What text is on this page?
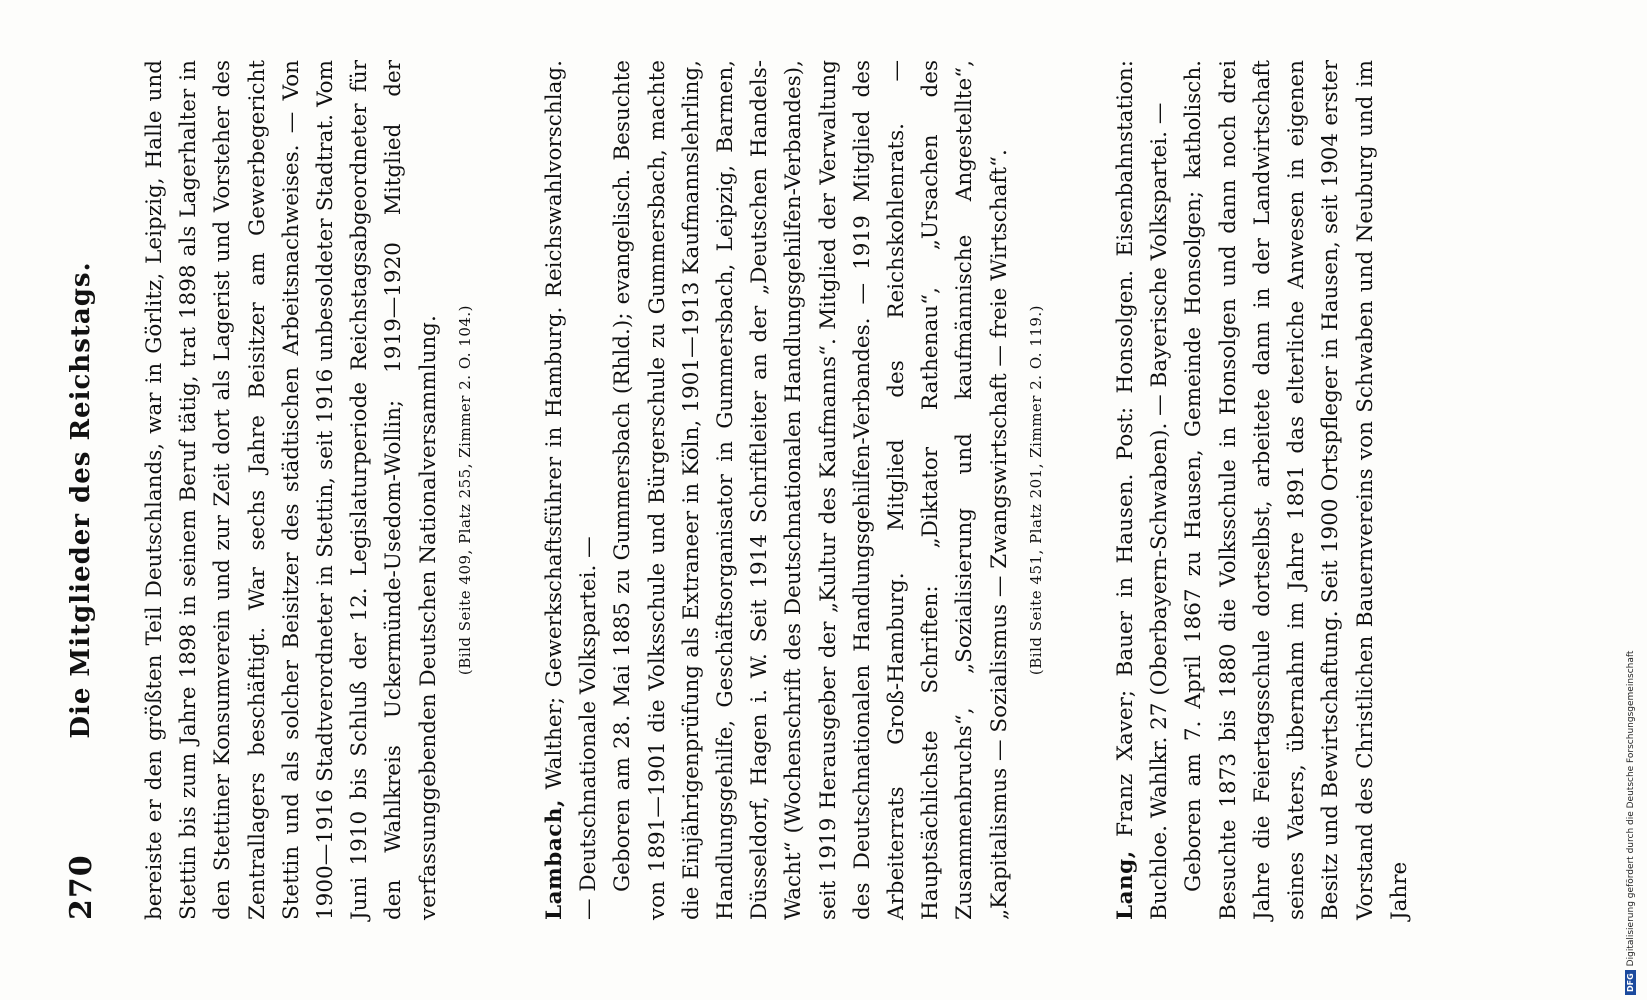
270
Die Mitglieder des Reichstags. bereiste er den größten Teil Deutschlands, war in Görlitz, Leipzig, Halle und Stettin bis zum Jahre 1898 in seinem Beruf tätig, trat 1898 als Lagerhalter in den Stettiner Konsumverein und zur Zeit dort als Lagerist und Vorsteher des Zentrallagers beschäftigt. War sechs Jahre Beisitzer am Gewerbegericht Stettin und als solcher Beisitzer des städtischen Arbeitsnachweises. — Von 1900—1916 Stadtverordneter in Stettin, seit 1916 unbesoldeter Stadtrat. Vom Juni 1910 bis Schluß der 12. Legislaturperiode Reichstagsabgeordneter für den Wahlkreis Uckermünde-Usedom-Wollin; 1919—1920 Mitglied der verfassunggebenden Deutschen Nationalversammlung.	(Bild Seite 409, Platz 255, Zimmer 2. O. 104.)

Lambach, Walther; Gewerkschaftsführer in Hamburg. Reichswahlvorschlag. — Deutschnationale Volkspartei. — Geboren am 28. Mai 1885 zu Gummersbach (Rhld.); evangelisch. Besuchte von 1891—1901 die Volksschule und Bürgerschule zu Gummersbach, machte die Einjährigenprüfung als Extraneer in Köln, 1901—1913 Kaufmannslehrling, Handlungsgehilfe, Geschäftsorganisator in Gummersbach, Leipzig, Barmen, Düsseldorf, Hagen i. W. Seit 1914 Schriftleiter an der „Deutschen Handels-Wacht“ (Wochenschrift des Deutschnationalen Handlungsgehilfen-Verbandes), seit 1919 Herausgeber der „Kultur des Kaufmanns“. Mitglied der Verwaltung des Deutschnationalen Handlungsgehilfen-Verbandes. — 1919 Mitglied des Arbeiterrats Groß-Hamburg. Mitglied des Reichskohlenrats. — Hauptsächlichste Schriften: „Diktator Rathenau“, „Ursachen des Zusammenbruchs“, „Sozialisierung und kaufmännische Angestellte“, „Kapitalismus — Sozialismus — Zwangswirtschaft — freie Wirtschaft“.	(Bild Seite 451, Platz 201, Zimmer 2. O. 119.)

Lang, Franz Xaver; Bauer in Hausen. Post: Honsolgen. Eisenbahnstation: Buchloe. Wahlkr. 27 (Oberbayern-Schwaben). — Bayerische Volkspartei. — Geboren am 7. April 1867 zu Hausen, Gemeinde Honsolgen; katholisch. Besuchte 1873 bis 1880 die Volksschule in Honsolgen und dann noch drei Jahre die Feiertagsschule dortselbst, arbeitete dann in der Landwirtschaft seines Vaters, übernahm im Jahre 1891 das elterliche Anwesen in eigenen Besitz und Bewirtschaftung. Seit 1900 Ortspfleger in Hausen, seit 1904 erster Vorstand des Christlichen Bauernvereins von Schwaben und Neuburg und im Jahre

DFGDigitalisierung gefördert durch die Deutsche Forschungsgemeinschaft
